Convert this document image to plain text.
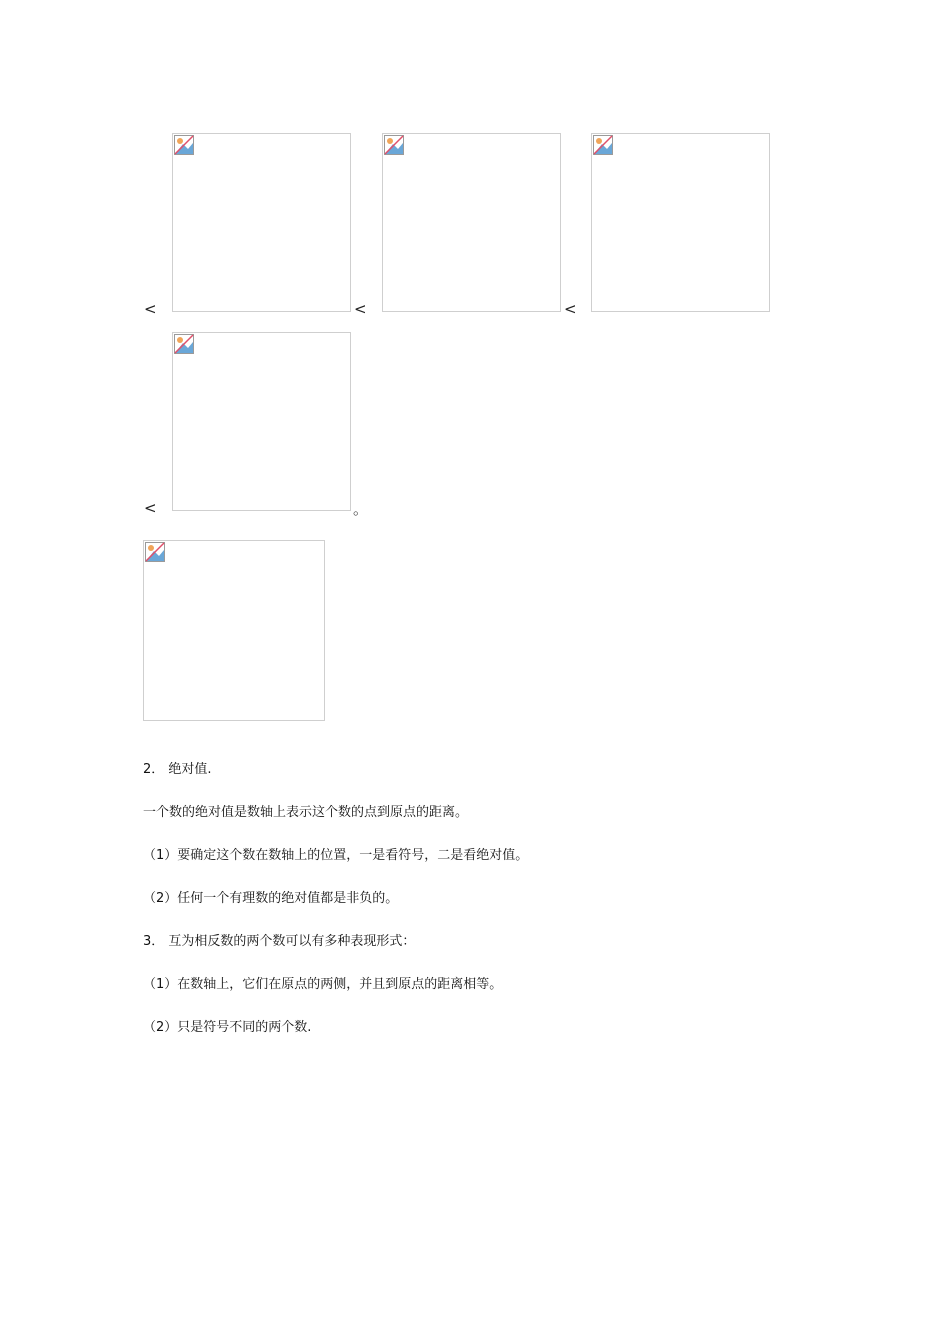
<	<	<
<	。
2． 绝对值.
一个数的绝对值是数轴上表示这个数的点到原点的距离。
（1）要确定这个数在数轴上的位置，一是看符号，二是看绝对值。
（2）任何一个有理数的绝对值都是非负的。
3． 互为相反数的两个数可以有多种表现形式：
（1）在数轴上，它们在原点的两侧，并且到原点的距离相等。
（2）只是符号不同的两个数.
